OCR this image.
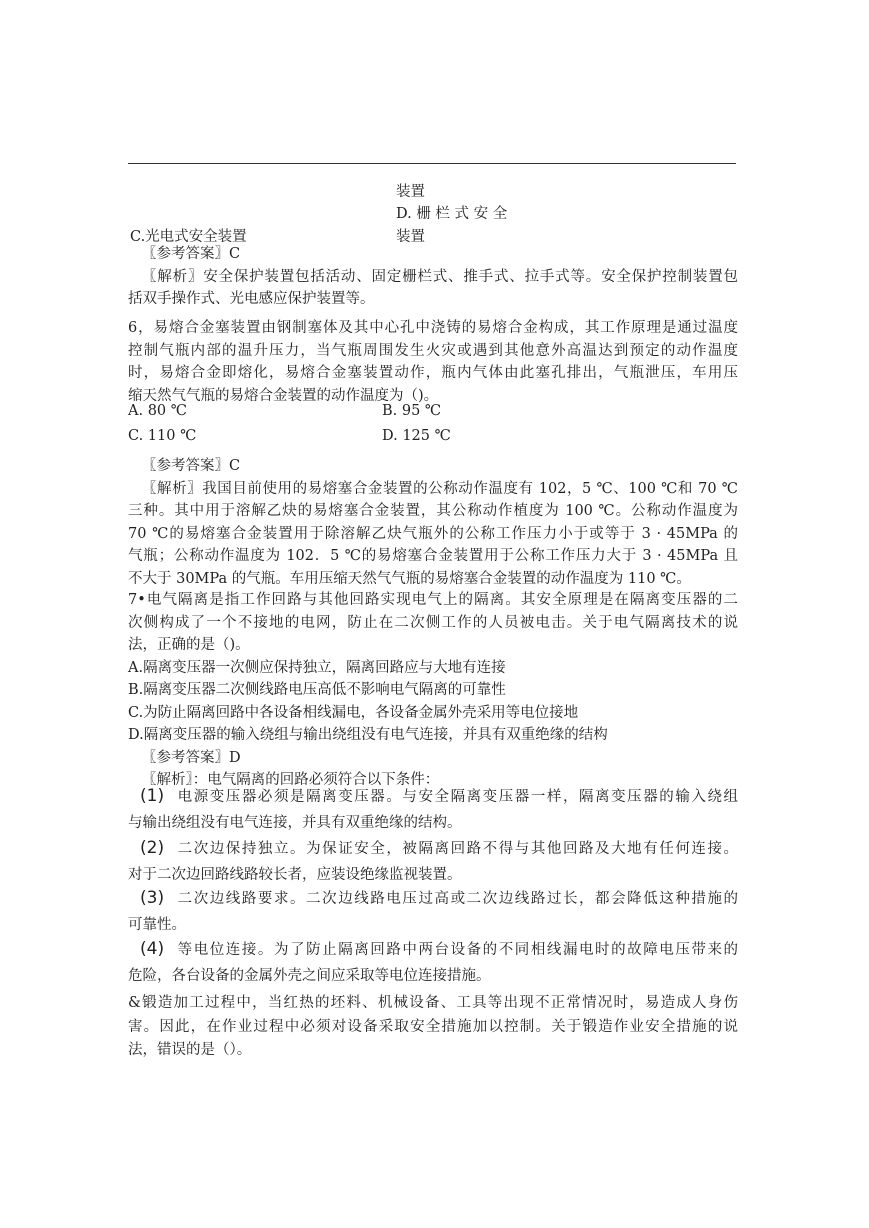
装置
D. 栅 栏 式 安 全
C.光电式安全装置	装置
〖参考答案〗C
〖解析〗安全保护装置包括活动、固定栅栏式、推手式、拉手式等。安全保护控制装置包
括双手操作式、光电感应保护装置等。
6，易熔合金塞装置由钢制塞体及其中心孔中浇铸的易熔合金构成，其工作原理是通过温度
控制气瓶内部的温升压力，当气瓶周围发生火灾或遇到其他意外高温达到预定的动作温度
时，易熔合金即熔化，易熔合金塞装置动作，瓶内气体由此塞孔排出，气瓶泄压，车用压
缩天然气气瓶的易熔合金装置的动作温度为（)。
A. 80 ℃	B. 95 ℃
C. 110 ℃	D. 125 ℃
〖参考答案〗C
〖解析〗我国目前使用的易熔塞合金装置的公称动作温度有 102，5 ℃、100 ℃和 70 ℃
三种。其中用于溶解乙炔的易熔塞合金装置，其公称动作植度为 100 ℃。公称动作温度为
70 ℃的易熔塞合金装置用于除溶解乙炔气瓶外的公称工作压力小于或等于 3 · 45MPa 的
气瓶；公称动作温度为 102．5 ℃的易熔塞合金装置用于公称工作压力大于 3 · 45MPa 且
不大于 30MPa 的气瓶。车用压缩天然气气瓶的易熔塞合金装置的动作温度为 110 ℃。
7•电气隔离是指工作回路与其他回路实现电气上的隔离。其安全原理是在隔离变压器的二
次侧构成了一个不接地的电网，防止在二次侧工作的人员被电击。关于电气隔离技术的说
法，正确的是（)。
A.隔离变压器一次侧应保持独立，隔离回路应与大地有连接
B.隔离变压器二次侧线路电压高低不影响电气隔离的可靠性
C.为防止隔离回路中各设备相线漏电，各设备金属外壳采用等电位接地
D.隔离变压器的输入绕组与输出绕组没有电气连接，并具有双重绝缘的结构
〖参考答案〗D
〖解析〗：电气隔离的回路必须符合以下条件：
(1) 电源变压器必须是隔离变压器。与安全隔离变压器一样，隔离变压器的输入绕组
与输出绕组没有电气连接，并具有双重绝缘的结构。
(2) 二次边保持独立。为保证安全，被隔离回路不得与其他回路及大地有任何连接。
对于二次边回路线路较长者，应装设绝缘监视装置。
(3) 二次边线路要求。二次边线路电压过高或二次边线路过长，都会降低这种措施的
可靠性。
(4) 等电位连接。为了防止隔离回路中两台设备的不同相线漏电时的故障电压带来的
危险，各台设备的金属外壳之间应采取等电位连接措施。
&锻造加工过程中，当红热的坯料、机械设备、工具等出现不正常情况时，易造成人身伤
害。因此，在作业过程中必须对设备采取安全措施加以控制。关于锻造作业安全措施的说
法，错误的是（）。
